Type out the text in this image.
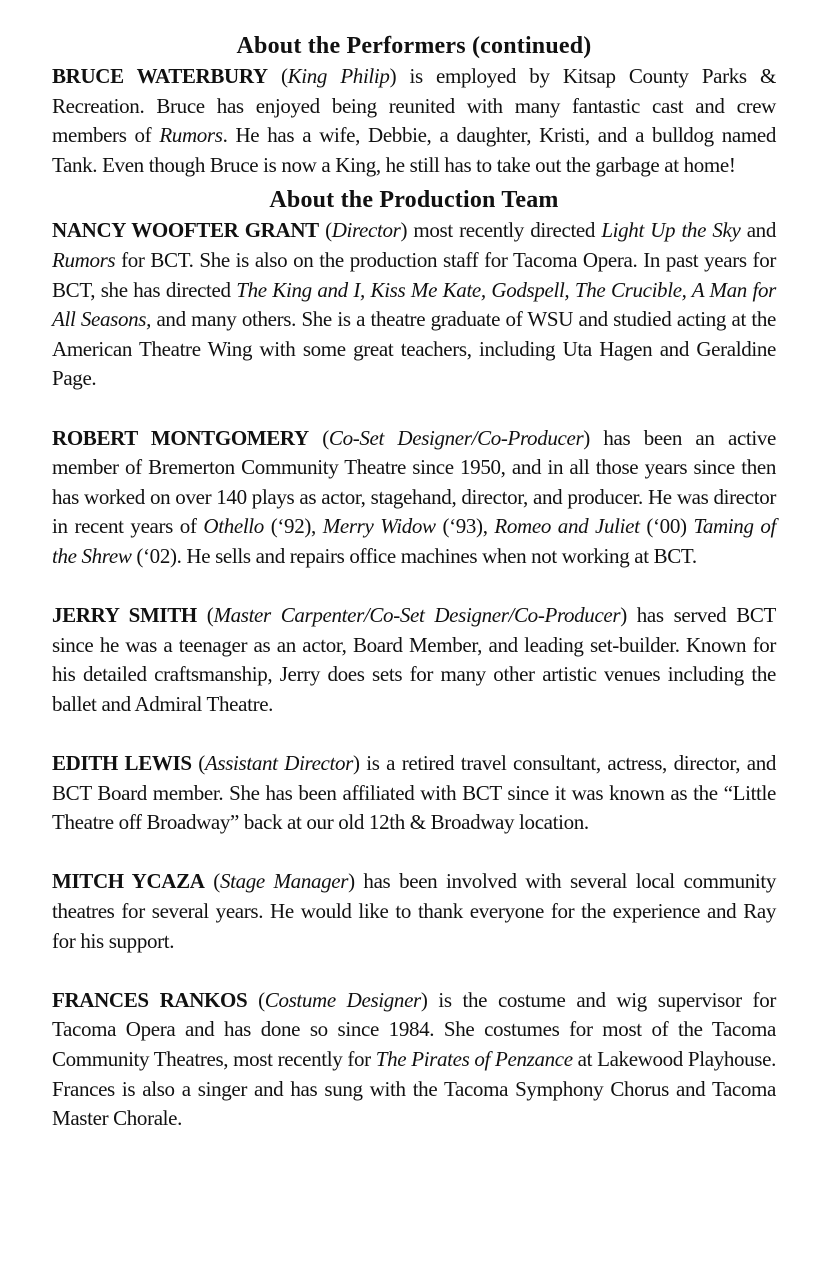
About the Performers (continued)

BRUCE WATERBURY (King Philip) is employed by Kitsap County Parks & Recreation. Bruce has enjoyed being reunited with many fantastic cast and crew members of Rumors. He has a wife, Debbie, a daughter, Kristi, and a bulldog named Tank. Even though Bruce is now a King, he still has to take out the garbage at home!

About the Production Team

NANCY WOOFTER GRANT (Director) most recently directed Light Up the Sky and Rumors for BCT. She is also on the production staff for Tacoma Opera. In past years for BCT, she has directed The King and I, Kiss Me Kate, Godspell, The Crucible, A Man for All Seasons, and many others. She is a theatre graduate of WSU and studied acting at the American Theatre Wing with some great teachers, including Uta Hagen and Geraldine Page.

ROBERT MONTGOMERY (Co-Set Designer/Co-Producer) has been an active member of Bremerton Community Theatre since 1950, and in all those years since then has worked on over 140 plays as actor, stagehand, director, and producer. He was director in recent years of Othello (‘92), Merry Widow (‘93), Romeo and Juliet (‘00) Taming of the Shrew (‘02). He sells and repairs office machines when not working at BCT.

JERRY SMITH (Master Carpenter/Co-Set Designer/Co-Producer) has served BCT since he was a teenager as an actor, Board Member, and leading set-builder. Known for his detailed craftsmanship, Jerry does sets for many other artistic venues including the ballet and Admiral Theatre.

EDITH LEWIS (Assistant Director) is a retired travel consultant, actress, director, and BCT Board member. She has been affiliated with BCT since it was known as the “Little Theatre off Broadway” back at our old 12th & Broadway location.

MITCH YCAZA (Stage Manager) has been involved with several local community theatres for several years. He would like to thank everyone for the experience and Ray for his support.

FRANCES RANKOS (Costume Designer) is the costume and wig supervisor for Tacoma Opera and has done so since 1984. She costumes for most of the Tacoma Community Theatres, most recently for The Pirates of Penzance at Lakewood Playhouse. Frances is also a singer and has sung with the Tacoma Symphony Chorus and Tacoma Master Chorale.
